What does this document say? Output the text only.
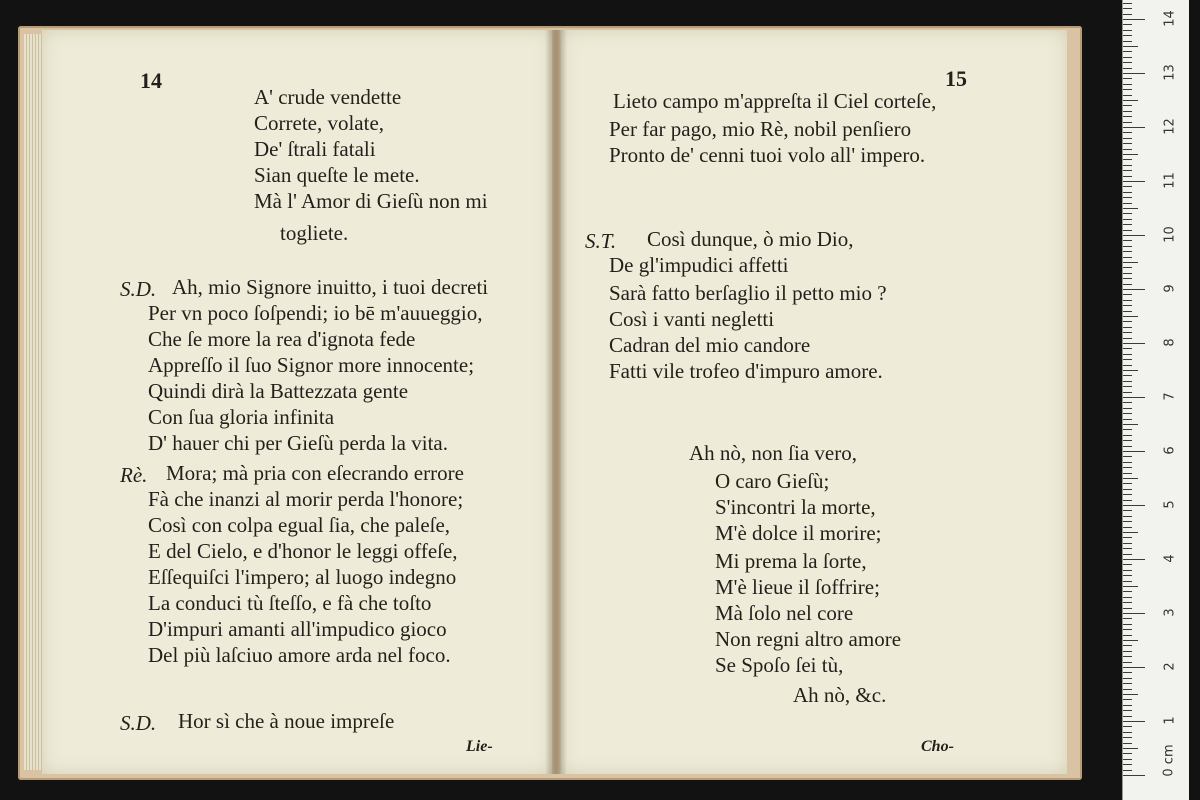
14
A' crude vendette
Correte, volate,
De' ſtrali fatali
Sian queſte le mete.
Mà l' Amor di Gieſù non mi
togliete.
S.D. Ah, mio Signore inuitto, i tuoi decreti
Per vn poco ſoſpendi; io bē m'auueggio,
Che ſe more la rea d'ignota fede
Appreſſo il ſuo Signor more innocente;
Quindi dirà la Battezzata gente
Con ſua gloria infinita
D' hauer chi per Gieſù perda la vita.
Rè. Mora; mà pria con eſecrando errore
Fà che inanzi al morir perda l'honore;
Così con colpa egual ſia, che paleſe,
E del Cielo, e d'honor le leggi offeſe,
Eſſequiſci l'impero; al luogo indegno
La conduci tù ſteſſo, e fà che toſto
D'impuri amanti all'impudico gioco
Del più laſciuo amore arda nel foco.
S.D. Hor sì che à noue impreſe
Lie-
15
Lieto campo m'appreſta il Ciel corteſe,
Per far pago, mio Rè, nobil penſiero
Pronto de' cenni tuoi volo all' impero.
S.T. Così dunque, ò mio Dio,
De gl'impudici affetti
Sarà fatto berſaglio il petto mio ?
Così i vanti negletti
Cadran del mio candore
Fatti vile trofeo d'impuro amore.
Ah nò, non ſia vero,
O caro Gieſù;
S'incontri la morte,
M'è dolce il morire;
Mi prema la ſorte,
M'è lieue il ſoffrire;
Mà ſolo nel core
Non regni altro amore
Se Spoſo ſei tù,
Ah nò, &c.
Cho-	0 cm
1
2
3
4
5
6
7
8
9
10
11
12
13
14
